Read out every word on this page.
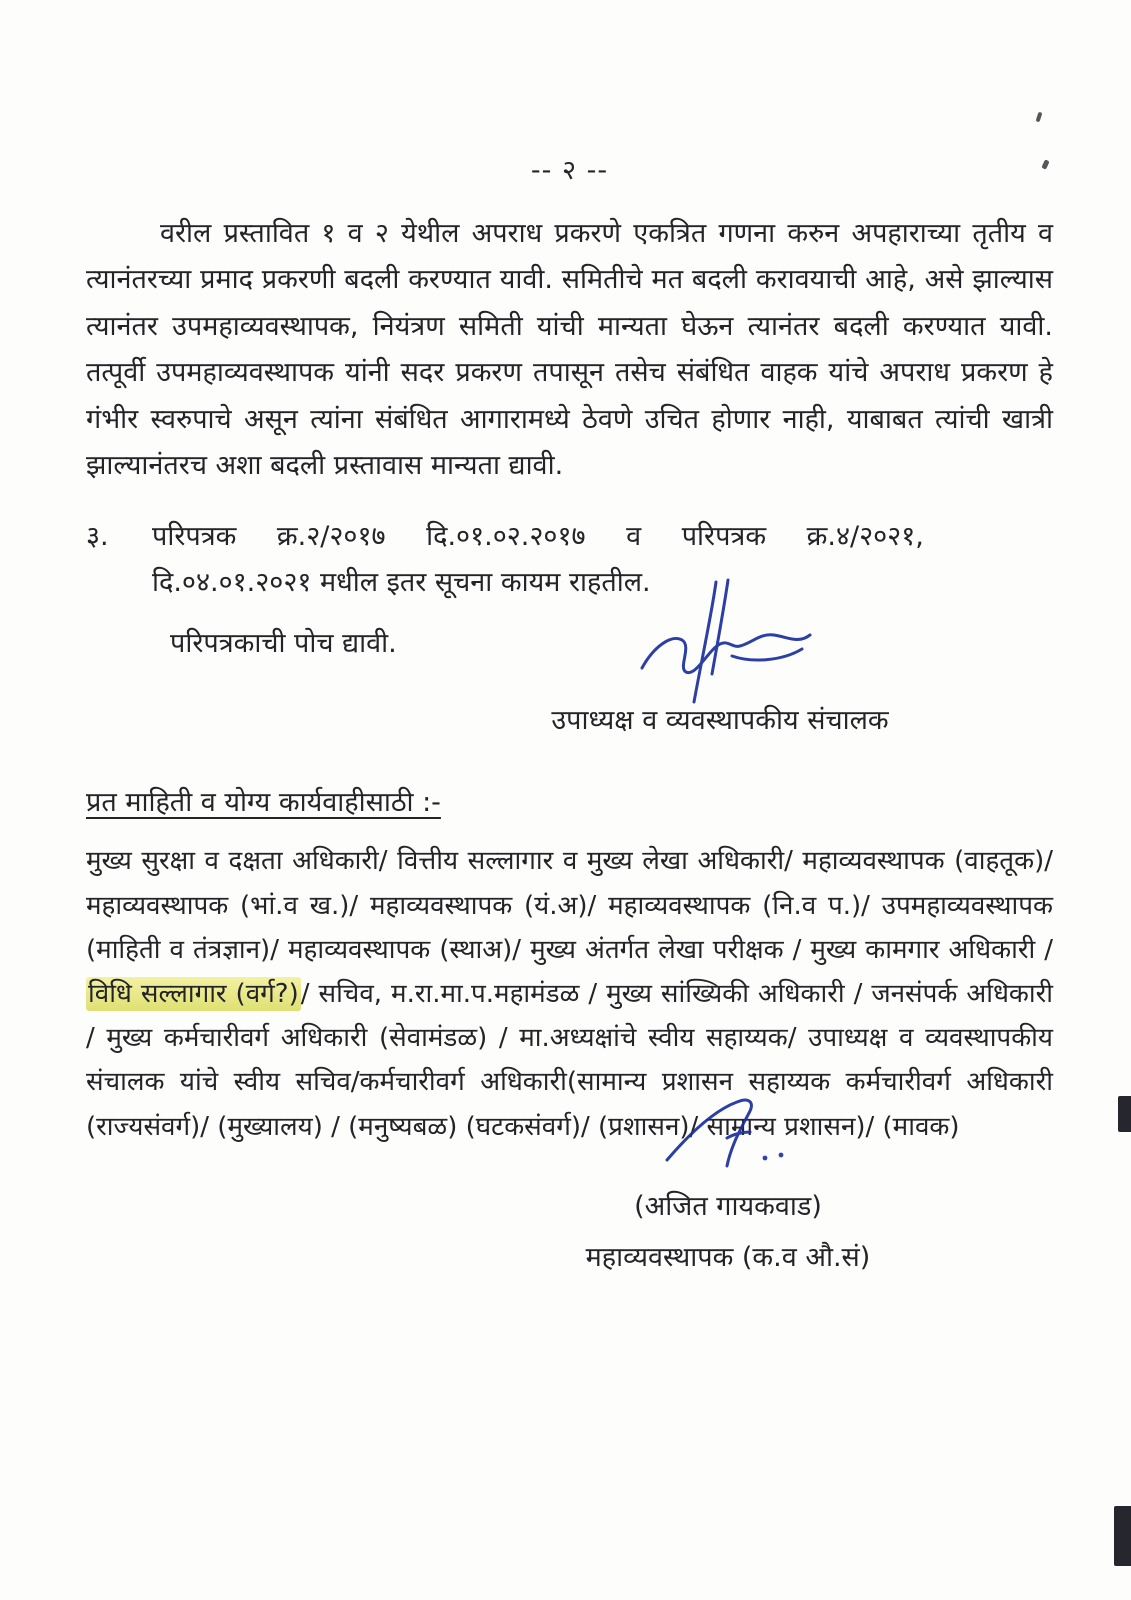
-- २ --

वरील प्रस्तावित १ व २ येथील अपराध प्रकरणे एकत्रित गणना करुन अपहाराच्या तृतीय व त्यानंतरच्या प्रमाद प्रकरणी बदली करण्यात यावी. समितीचे मत बदली करावयाची आहे, असे झाल्यास त्यानंतर उपमहाव्यवस्थापक, नियंत्रण समिती यांची मान्यता घेऊन त्यानंतर बदली करण्यात यावी. तत्पूर्वी उपमहाव्यवस्थापक यांनी सदर प्रकरण तपासून तसेच संबंधित वाहक यांचे अपराध प्रकरण हे गंभीर स्वरुपाचे असून त्यांना संबंधित आगारामध्ये ठेवणे उचित होणार नाही, याबाबत त्यांची खात्री झाल्यानंतरच अशा बदली प्रस्तावास मान्यता द्यावी.

३. परिपत्रक क्र.२/२०१७ दि.०१.०२.२०१७ व परिपत्रक क्र.४/२०२१,
दि.०४.०१.२०२१ मधील इतर सूचना कायम राहतील.
परिपत्रकाची पोच द्यावी.
उपाध्यक्ष व व्यवस्थापकीय संचालक
प्रत माहिती व योग्य कार्यवाहीसाठी :-

मुख्य सुरक्षा व दक्षता अधिकारी/ वित्तीय सल्लागार व मुख्य लेखा अधिकारी/ महाव्यवस्थापक (वाहतूक)/ महाव्यवस्थापक (भां.व ख.)/ महाव्यवस्थापक (यं.अ)/ महाव्यवस्थापक (नि.व प.)/ उपमहाव्यवस्थापक (माहिती व तंत्रज्ञान)/ महाव्यवस्थापक (स्थाअ)/ मुख्य अंतर्गत लेखा परीक्षक / मुख्य कामगार अधिकारी / विधि सल्लागार (वर्ग?)/ सचिव, म.रा.मा.प.महामंडळ / मुख्य सांख्यिकी अधिकारी / जनसंपर्क अधिकारी / मुख्य कर्मचारीवर्ग अधिकारी (सेवामंडळ) / मा.अध्यक्षांचे स्वीय सहाय्यक/ उपाध्यक्ष व व्यवस्थापकीय संचालक यांचे स्वीय सचिव/कर्मचारीवर्ग अधिकारी(सामान्य प्रशासन सहाय्यक कर्मचारीवर्ग अधिकारी (राज्यसंवर्ग)/ (मुख्यालय) / (मनुष्यबळ) (घटकसंवर्ग)/ (प्रशासन)/ सामान्य प्रशासन)/ (मावक)

(अजित गायकवाड)
महाव्यवस्थापक (क.व औ.सं)
